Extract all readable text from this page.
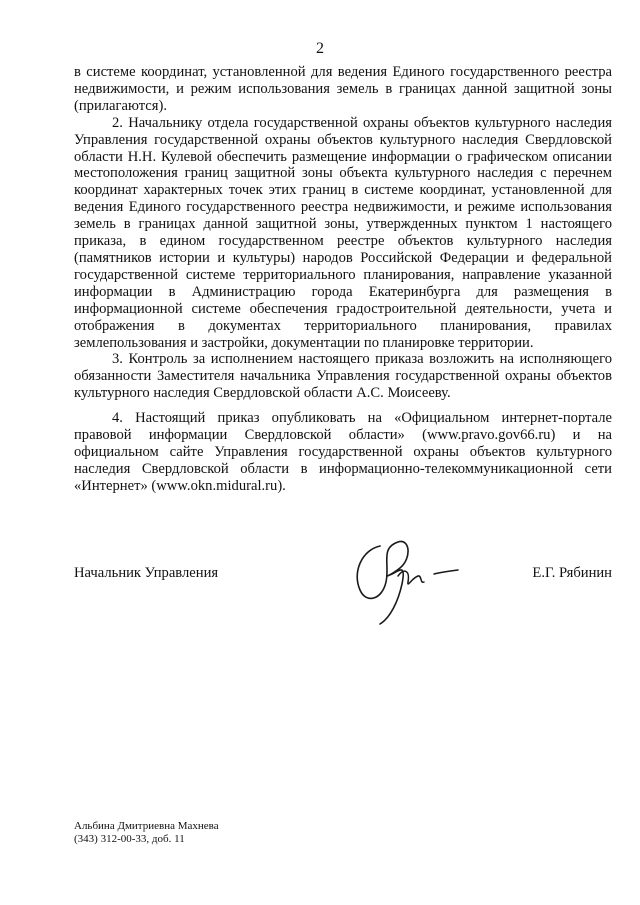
2

в системе координат, установленной для ведения Единого государственного реестра недвижимости, и режим использования земель в границах данной защитной зоны (прилагаются).

2. Начальнику отдела государственной охраны объектов культурного наследия Управления государственной охраны объектов культурного наследия Свердловской области Н.Н. Кулевой обеспечить размещение информации о графическом описании местоположения границ защитной зоны объекта культурного наследия с перечнем координат характерных точек этих границ в системе координат, установленной для ведения Единого государственного реестра недвижимости, и режиме использования земель в границах данной защитной зоны, утвержденных пунктом 1 настоящего приказа, в едином государственном реестре объектов культурного наследия (памятников истории и культуры) народов Российской Федерации и федеральной государственной системе территориального планирования, направление указанной информации в Администрацию города Екатеринбурга для размещения в информационной системе обеспечения градостроительной деятельности, учета и отображения в документах территориального планирования, правилах землепользования и застройки, документации по планировке территории.

3. Контроль за исполнением настоящего приказа возложить на исполняющего обязанности Заместителя начальника Управления государственной охраны объектов культурного наследия Свердловской области А.С. Моисееву.

4. Настоящий приказ опубликовать на «Официальном интернет-портале правовой информации Свердловской области» (www.pravo.gov66.ru) и на официальном сайте Управления государственной охраны объектов культурного наследия Свердловской области в информационно-телекоммуникационной сети «Интернет» (www.okn.midural.ru).

Начальник Управления	Е.Г. Рябинин
Альбина Дмитриевна Махнева
(343) 312-00-33, доб. 11
